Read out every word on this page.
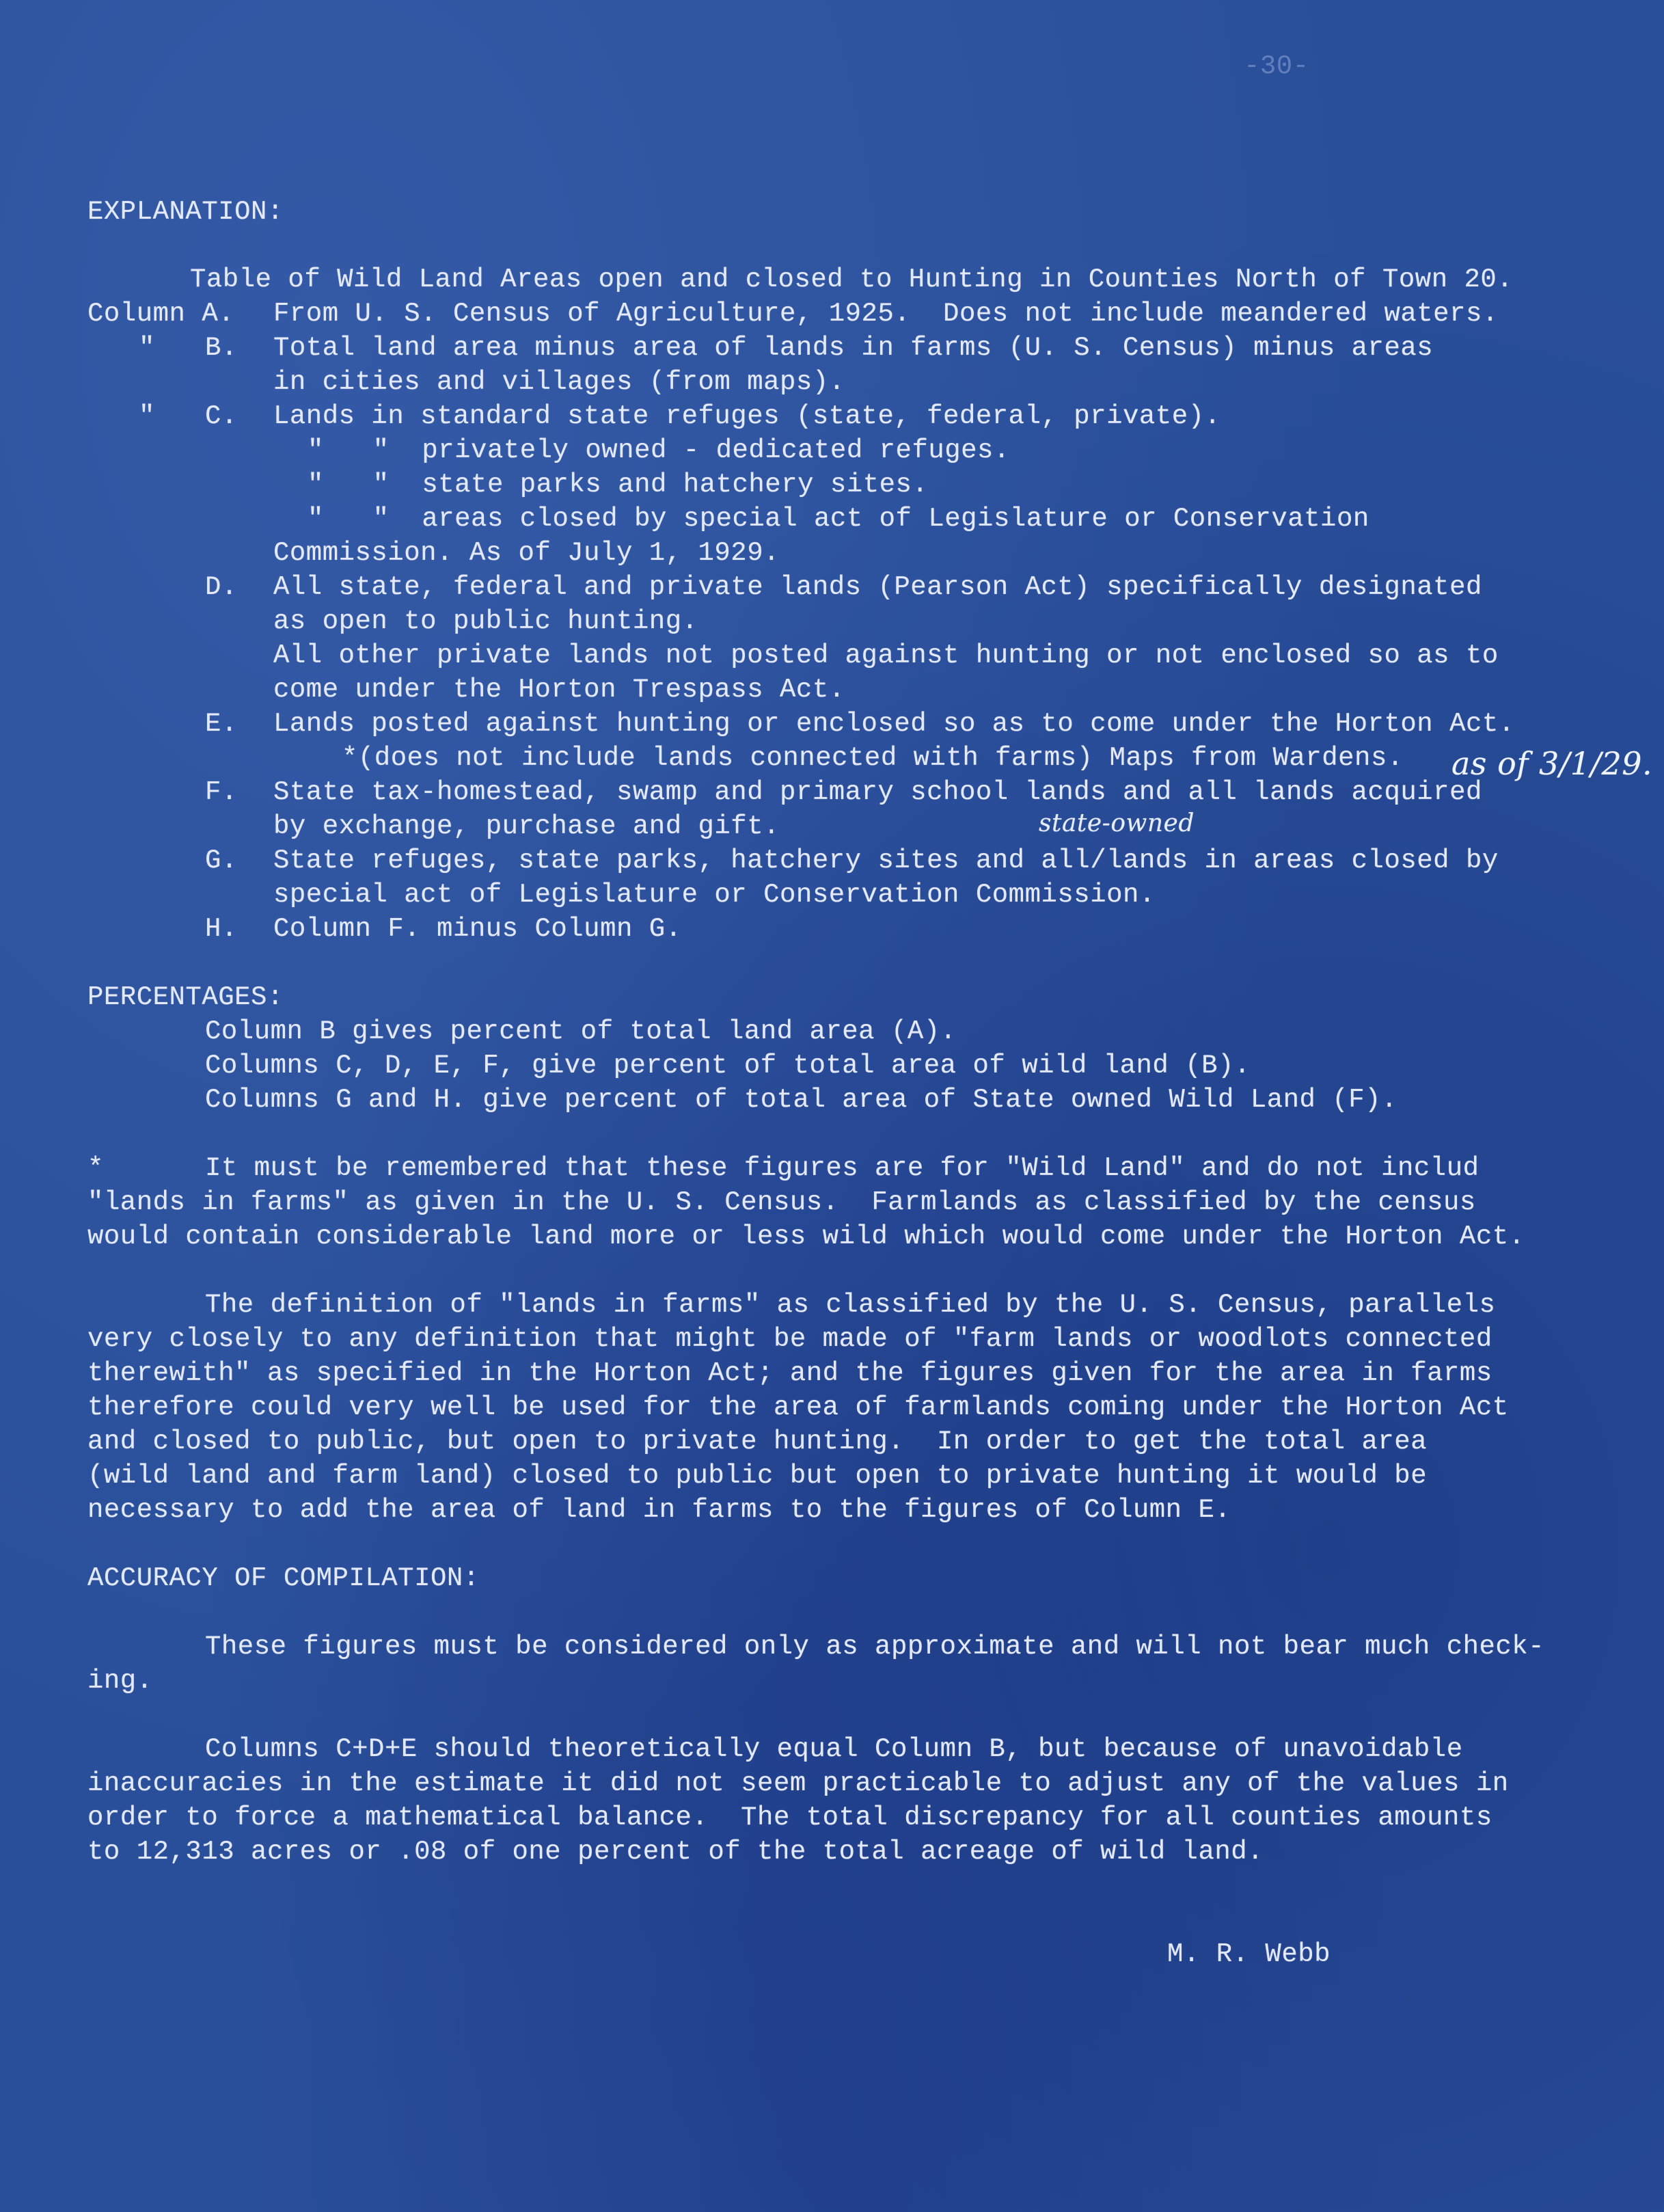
-30-
EXPLANATION:
Table of Wild Land Areas open and closed to Hunting in Counties North of Town 20.
Column A. From U. S. Census of Agriculture, 1925.  Does not include meandered waters.
" B. Total land area minus area of lands in farms (U. S. Census) minus areas
in cities and villages (from maps).
" C. Lands in standard state refuges (state, federal, private).
"   "  privately owned - dedicated refuges.
"   "  state parks and hatchery sites.
"   "  areas closed by special act of Legislature or Conservation
Commission. As of July 1, 1929.
D. All state, federal and private lands (Pearson Act) specifically designated
as open to public hunting.
All other private lands not posted against hunting or not enclosed so as to
come under the Horton Trespass Act.
E. Lands posted against hunting or enclosed so as to come under the Horton Act.
*(does not include lands connected with farms) Maps from Wardens. as of 3/1/29.
F. State tax-homestead, swamp and primary school lands and all lands acquired
by exchange, purchase and gift.	state-owned
G. State refuges, state parks, hatchery sites and all/lands in areas closed by
special act of Legislature or Conservation Commission.
H. Column F. minus Column G.
PERCENTAGES:
Column B gives percent of total land area (A).
Columns C, D, E, F, give percent of total area of wild land (B).
Columns G and H. give percent of total area of State owned Wild Land (F).
*	It must be remembered that these figures are for "Wild Land" and do not includ
"lands in farms" as given in the U. S. Census.  Farmlands as classified by the census
would contain considerable land more or less wild which would come under the Horton Act.
The definition of "lands in farms" as classified by the U. S. Census, parallels
very closely to any definition that might be made of "farm lands or woodlots connected
therewith" as specified in the Horton Act; and the figures given for the area in farms
therefore could very well be used for the area of farmlands coming under the Horton Act
and closed to public, but open to private hunting.  In order to get the total area
(wild land and farm land) closed to public but open to private hunting it would be
necessary to add the area of land in farms to the figures of Column E.
ACCURACY OF COMPILATION:
These figures must be considered only as approximate and will not bear much check-
ing.
Columns C+D+E should theoretically equal Column B, but because of unavoidable
inaccuracies in the estimate it did not seem practicable to adjust any of the values in
order to force a mathematical balance.  The total discrepancy for all counties amounts
to 12,313 acres or .08 of one percent of the total acreage of wild land.
M. R. Webb
